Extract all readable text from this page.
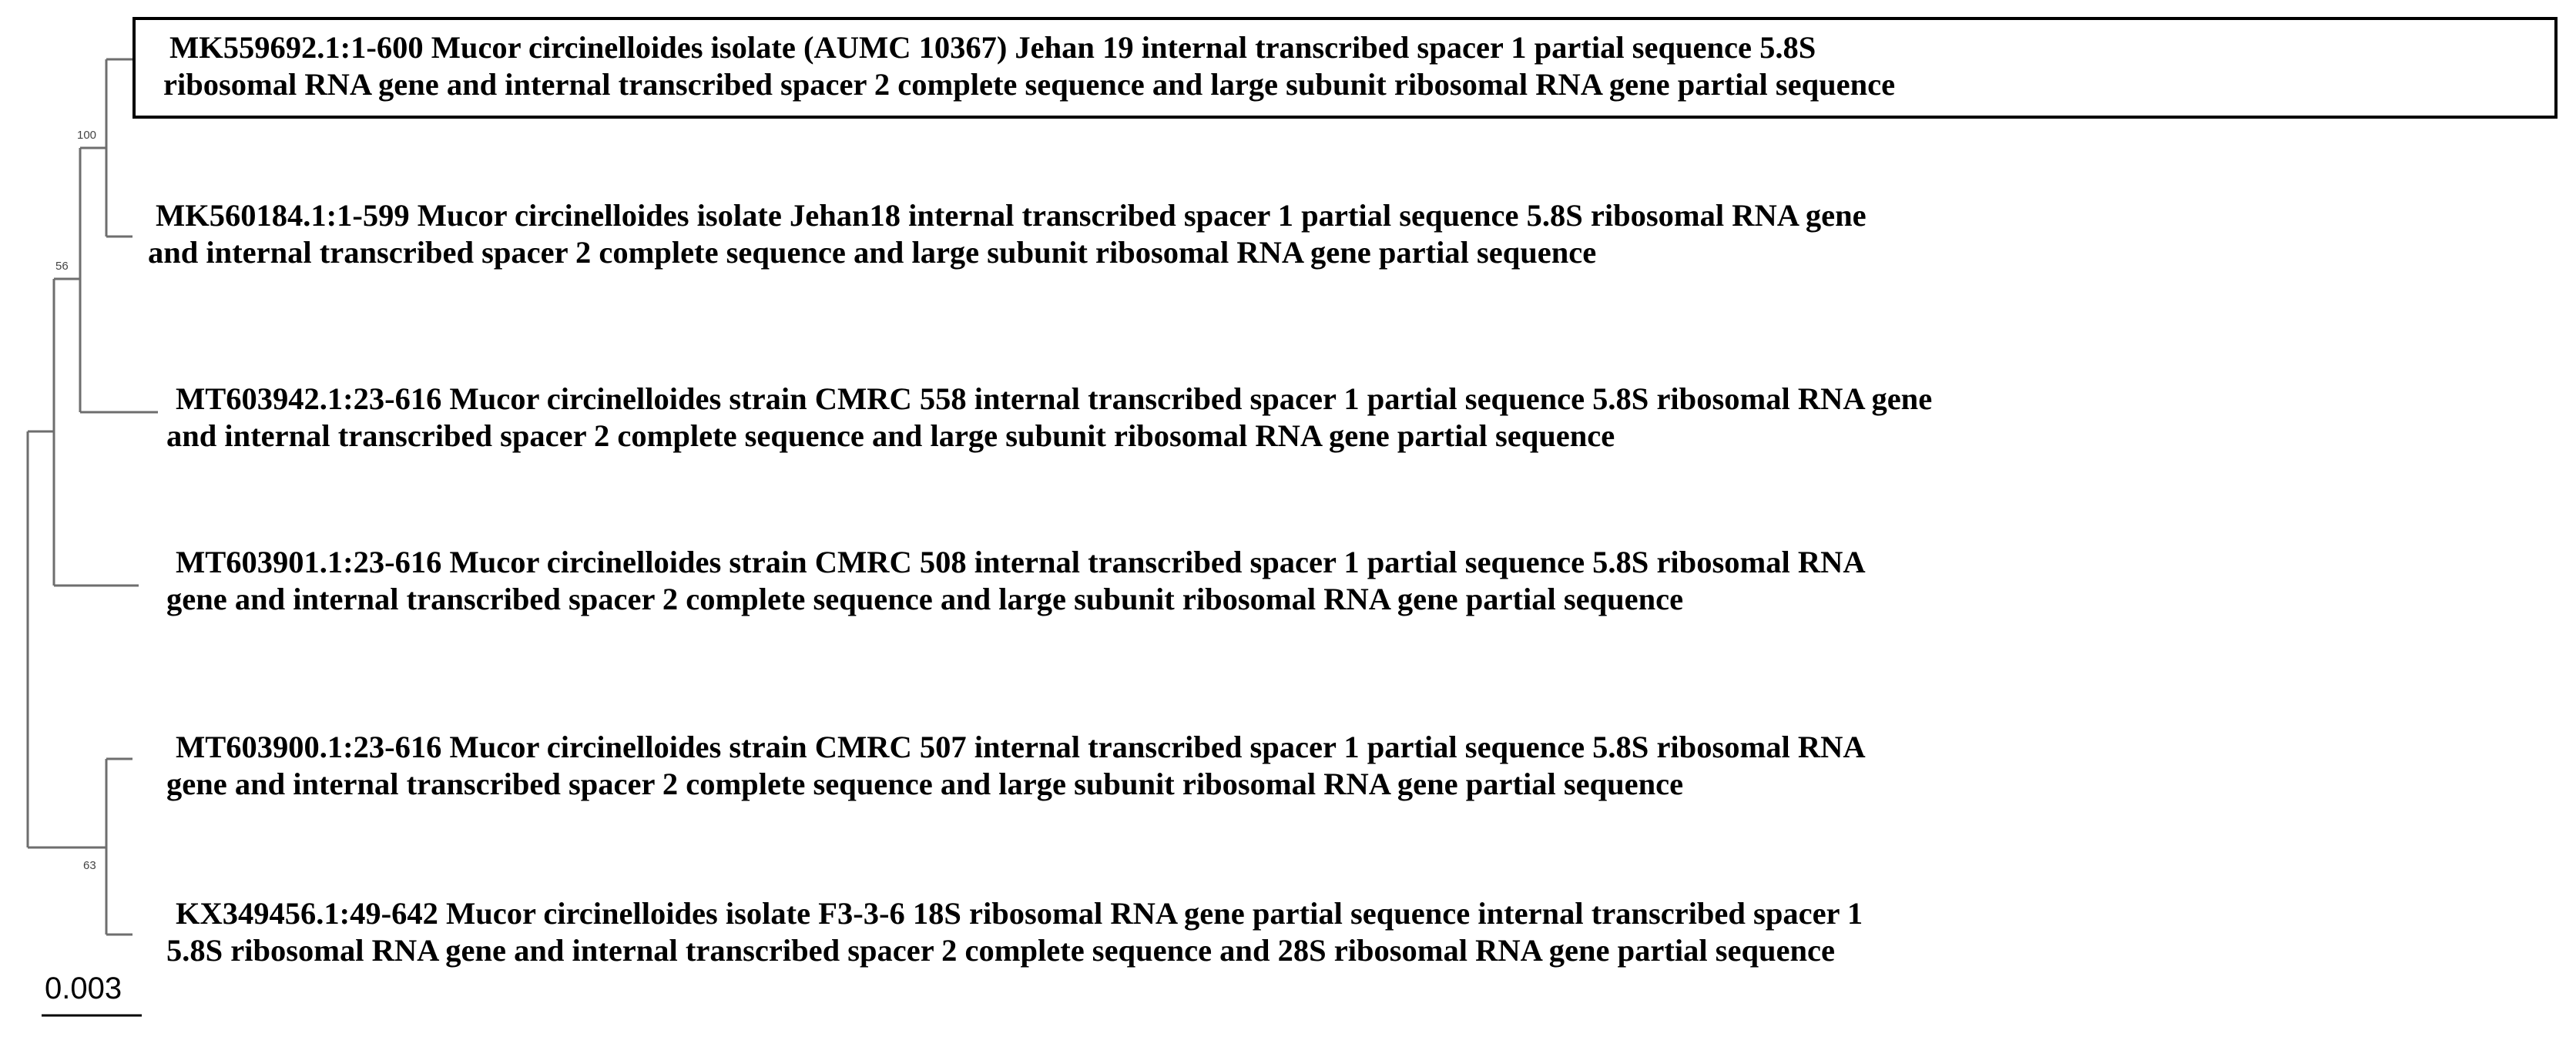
100
56
63
0.003
MK559692.1:1-600 Mucor circinelloides isolate (AUMC 10367) Jehan 19 internal transcribed spacer 1 partial sequence 5.8S
ribosomal RNA gene and internal transcribed spacer 2 complete sequence and large subunit ribosomal RNA gene partial sequence
MK560184.1:1-599 Mucor circinelloides isolate Jehan18 internal transcribed spacer 1 partial sequence 5.8S ribosomal RNA gene
and internal transcribed spacer 2 complete sequence and large subunit ribosomal RNA gene partial sequence
MT603942.1:23-616 Mucor circinelloides strain CMRC 558 internal transcribed spacer 1 partial sequence 5.8S ribosomal RNA gene
and internal transcribed spacer 2 complete sequence and large subunit ribosomal RNA gene partial sequence
MT603901.1:23-616 Mucor circinelloides strain CMRC 508 internal transcribed spacer 1 partial sequence 5.8S ribosomal RNA
gene and internal transcribed spacer 2 complete sequence and large subunit ribosomal RNA gene partial sequence
MT603900.1:23-616 Mucor circinelloides strain CMRC 507 internal transcribed spacer 1 partial sequence 5.8S ribosomal RNA
gene and internal transcribed spacer 2 complete sequence and large subunit ribosomal RNA gene partial sequence
KX349456.1:49-642 Mucor circinelloides isolate F3-3-6 18S ribosomal RNA gene partial sequence internal transcribed spacer 1
5.8S ribosomal RNA gene and internal transcribed spacer 2 complete sequence and 28S ribosomal RNA gene partial sequence
